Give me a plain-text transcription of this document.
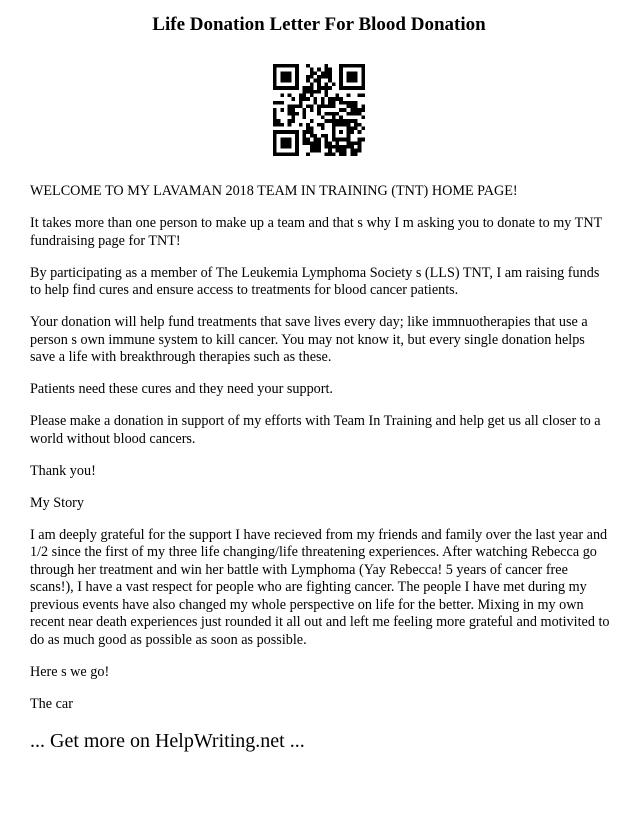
Life Donation Letter For Blood Donation

WELCOME TO MY LAVAMAN 2018 TEAM IN TRAINING (TNT) HOME PAGE!

It takes more than one person to make up a team and that s why I m asking you to donate to my TNT fundraising page for TNT!

By participating as a member of The Leukemia Lymphoma Society s (LLS) TNT, I am raising funds to help find cures and ensure access to treatments for blood cancer patients.

Your donation will help fund treatments that save lives every day; like immnuotherapies that use a person s own immune system to kill cancer. You may not know it, but every single donation helps save a life with breakthrough therapies such as these.

Patients need these cures and they need your support.

Please make a donation in support of my efforts with Team In Training and help get us all closer to a world without blood cancers.

Thank you!

My Story

I am deeply grateful for the support I have recieved from my friends and family over the last year and 1/2 since the first of my three life changing/life threatening experiences. After watching Rebecca go through her treatment and win her battle with Lymphoma (Yay Rebecca! 5 years of cancer free scans!), I have a vast respect for people who are fighting cancer. The people I have met during my previous events have also changed my whole perspective on life for the better. Mixing in my own recent near death experiences just rounded it all out and left me feeling more grateful and motivited to do as much good as possible as soon as possible.

Here s we go!

The car

... Get more on HelpWriting.net ...
